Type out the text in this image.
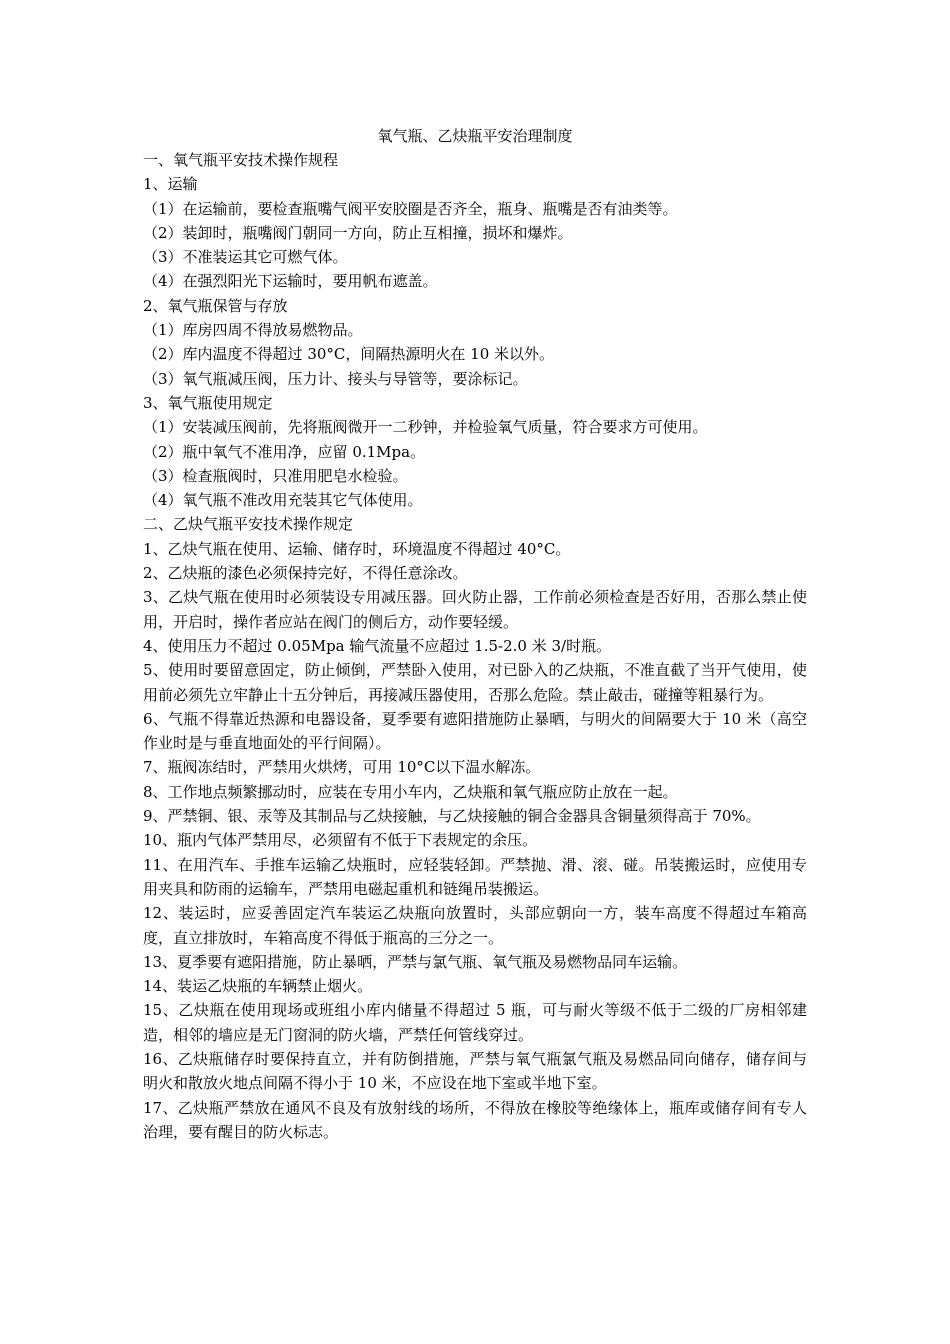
氧气瓶、乙炔瓶平安治理制度

一、氧气瓶平安技术操作规程

1、运输

（1）在运输前，要检查瓶嘴气阀平安胶圈是否齐全，瓶身、瓶嘴是否有油类等。

（2）装卸时，瓶嘴阀门朝同一方向，防止互相撞，损坏和爆炸。

（3）不准装运其它可燃气体。

（4）在强烈阳光下运输时，要用帆布遮盖。

2、氧气瓶保管与存放

（1）库房四周不得放易燃物品。

（2）库内温度不得超过 30°C，间隔热源明火在 10 米以外。

（3）氧气瓶减压阀，压力计、接头与导管等，要涂标记。

3、氧气瓶使用规定

（1）安装减压阀前，先将瓶阀微开一二秒钟，并检验氧气质量，符合要求方可使用。

（2）瓶中氧气不准用净，应留 0.1Mpa。

（3）检查瓶阀时，只准用肥皂水检验。

（4）氧气瓶不准改用充装其它气体使用。

二、乙炔气瓶平安技术操作规定

1、乙炔气瓶在使用、运输、储存时，环境温度不得超过 40°C。

2、乙炔瓶的漆色必须保持完好，不得任意涂改。

3、乙炔气瓶在使用时必须装设专用减压器。回火防止器，工作前必须检查是否好用，否那么禁止使用，开启时，操作者应站在阀门的侧后方，动作要轻缓。

4、使用压力不超过 0.05Mpa 输气流量不应超过 1.5-2.0 米 3/时瓶。

5、使用时要留意固定，防止倾倒，严禁卧入使用，对已卧入的乙炔瓶，不准直截了当开气使用，使用前必须先立牢静止十五分钟后，再接减压器使用，否那么危险。禁止敲击，碰撞等粗暴行为。

6、气瓶不得靠近热源和电器设备，夏季要有遮阳措施防止暴晒，与明火的间隔要大于 10 米（高空作业时是与垂直地面处的平行间隔）。

7、瓶阀冻结时，严禁用火烘烤，可用 10°C以下温水解冻。

8、工作地点频繁挪动时，应装在专用小车内，乙炔瓶和氧气瓶应防止放在一起。

9、严禁铜、银、汞等及其制品与乙炔接触，与乙炔接触的铜合金器具含铜量须得高于 70%。

10、瓶内气体严禁用尽，必须留有不低于下表规定的余压。

11、在用汽车、手推车运输乙炔瓶时，应轻装轻卸。严禁抛、滑、滚、碰。吊装搬运时，应使用专用夹具和防雨的运输车，严禁用电磁起重机和链绳吊装搬运。

12、装运时，应妥善固定汽车装运乙炔瓶向放置时，头部应朝向一方，装车高度不得超过车箱高度，直立排放时，车箱高度不得低于瓶高的三分之一。

13、夏季要有遮阳措施，防止暴晒，严禁与氯气瓶、氧气瓶及易燃物品同车运输。

14、装运乙炔瓶的车辆禁止烟火。

15、乙炔瓶在使用现场或班组小库内储量不得超过 5 瓶，可与耐火等级不低于二级的厂房相邻建造，相邻的墙应是无门窗洞的防火墙，严禁任何管线穿过。

16、乙炔瓶储存时要保持直立，并有防倒措施，严禁与氧气瓶氯气瓶及易燃品同向储存，储存间与明火和散放火地点间隔不得小于 10 米，不应设在地下室或半地下室。

17、乙炔瓶严禁放在通风不良及有放射线的场所，不得放在橡胶等绝缘体上，瓶库或储存间有专人治理，要有醒目的防火标志。
